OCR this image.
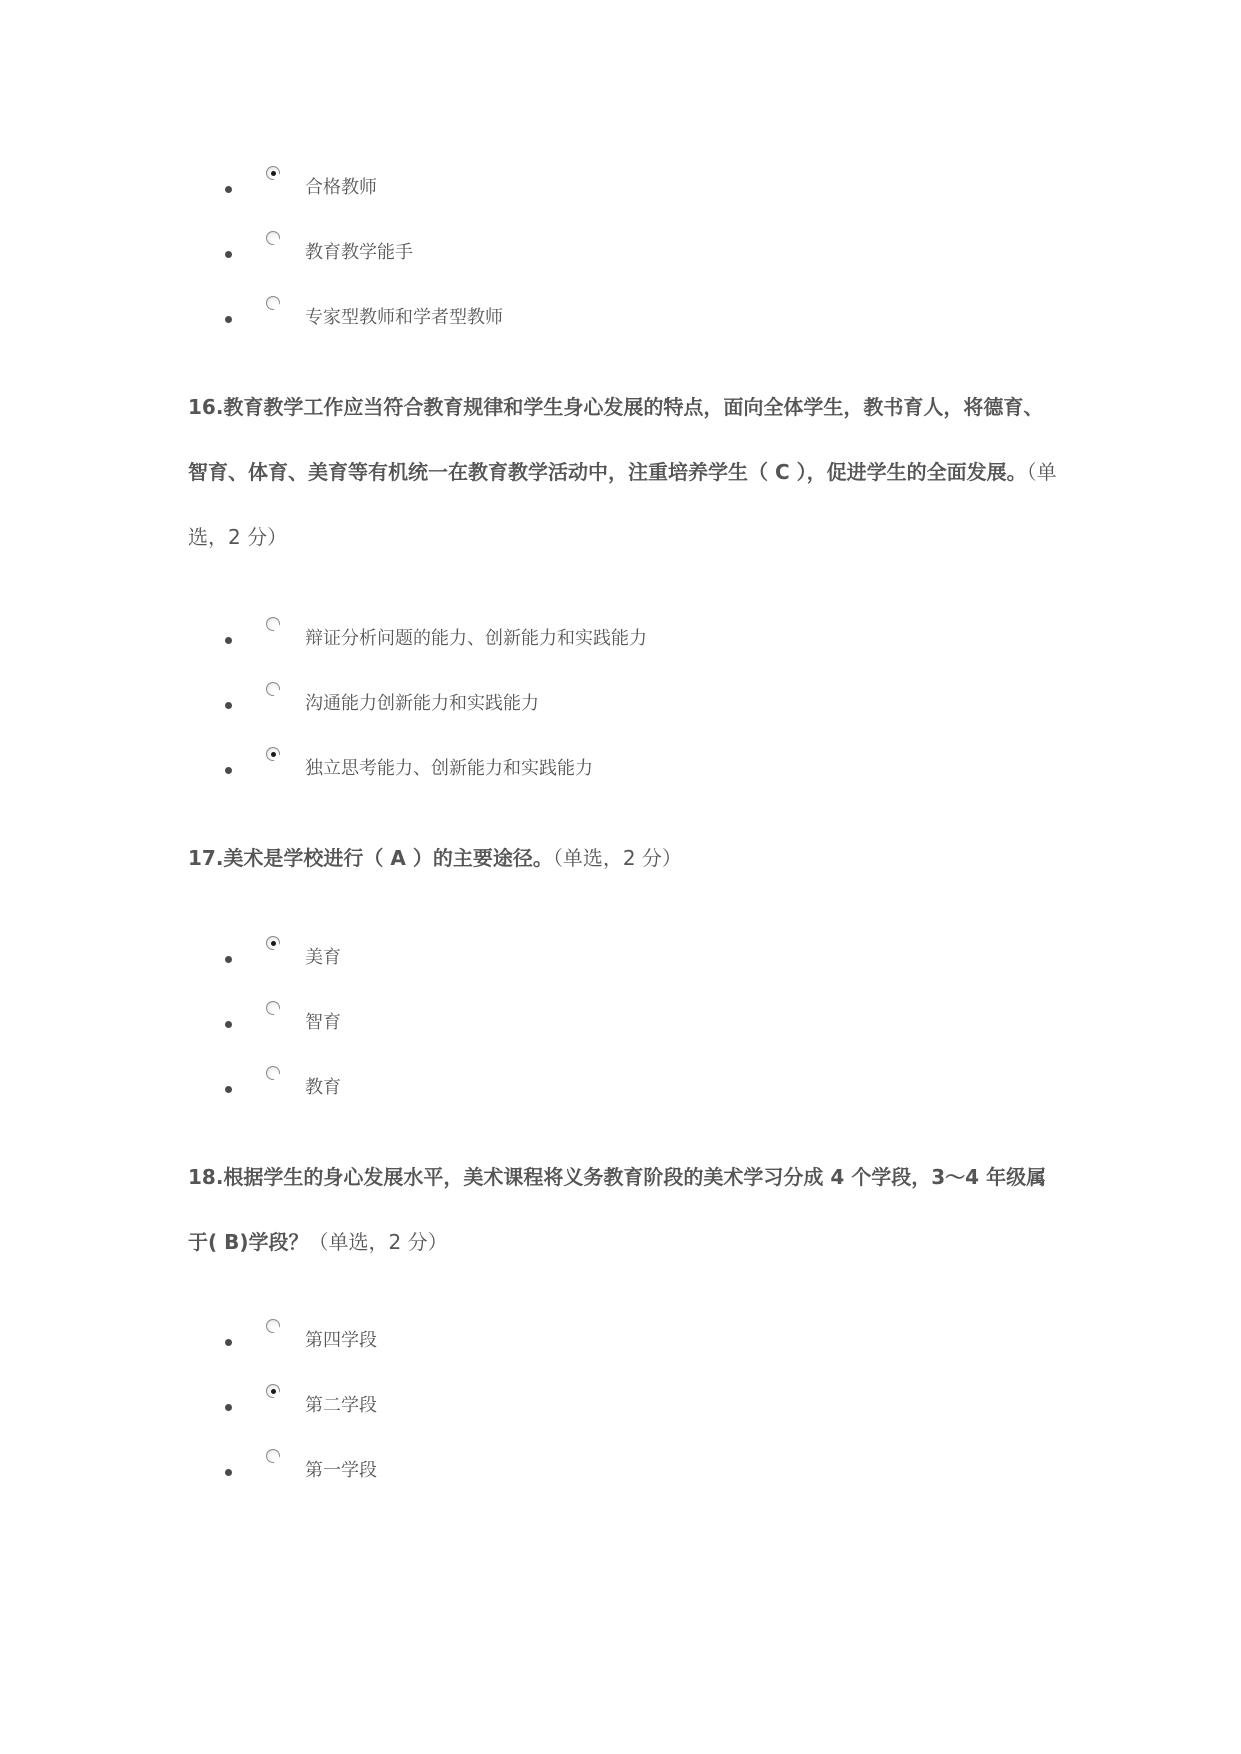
合格教师
教育教学能手
专家型教师和学者型教师

16.教育教学工作应当符合教育规律和学生身心发展的特点，面向全体学生，教书育人，将德育、智育、体育、美育等有机统一在教育教学活动中，注重培养学生（ C ），促进学生的全面发展。（单选，2 分）

辩证分析问题的能力、创新能力和实践能力
沟通能力创新能力和实践能力
独立思考能力、创新能力和实践能力

17.美术是学校进行（ A ）的主要途径。（单选，2 分）

美育
智育
教育

18.根据学生的身心发展水平，美术课程将义务教育阶段的美术学习分成 4 个学段，3～4 年级属于( B)学段？（单选，2 分）

第四学段
第二学段
第一学段
